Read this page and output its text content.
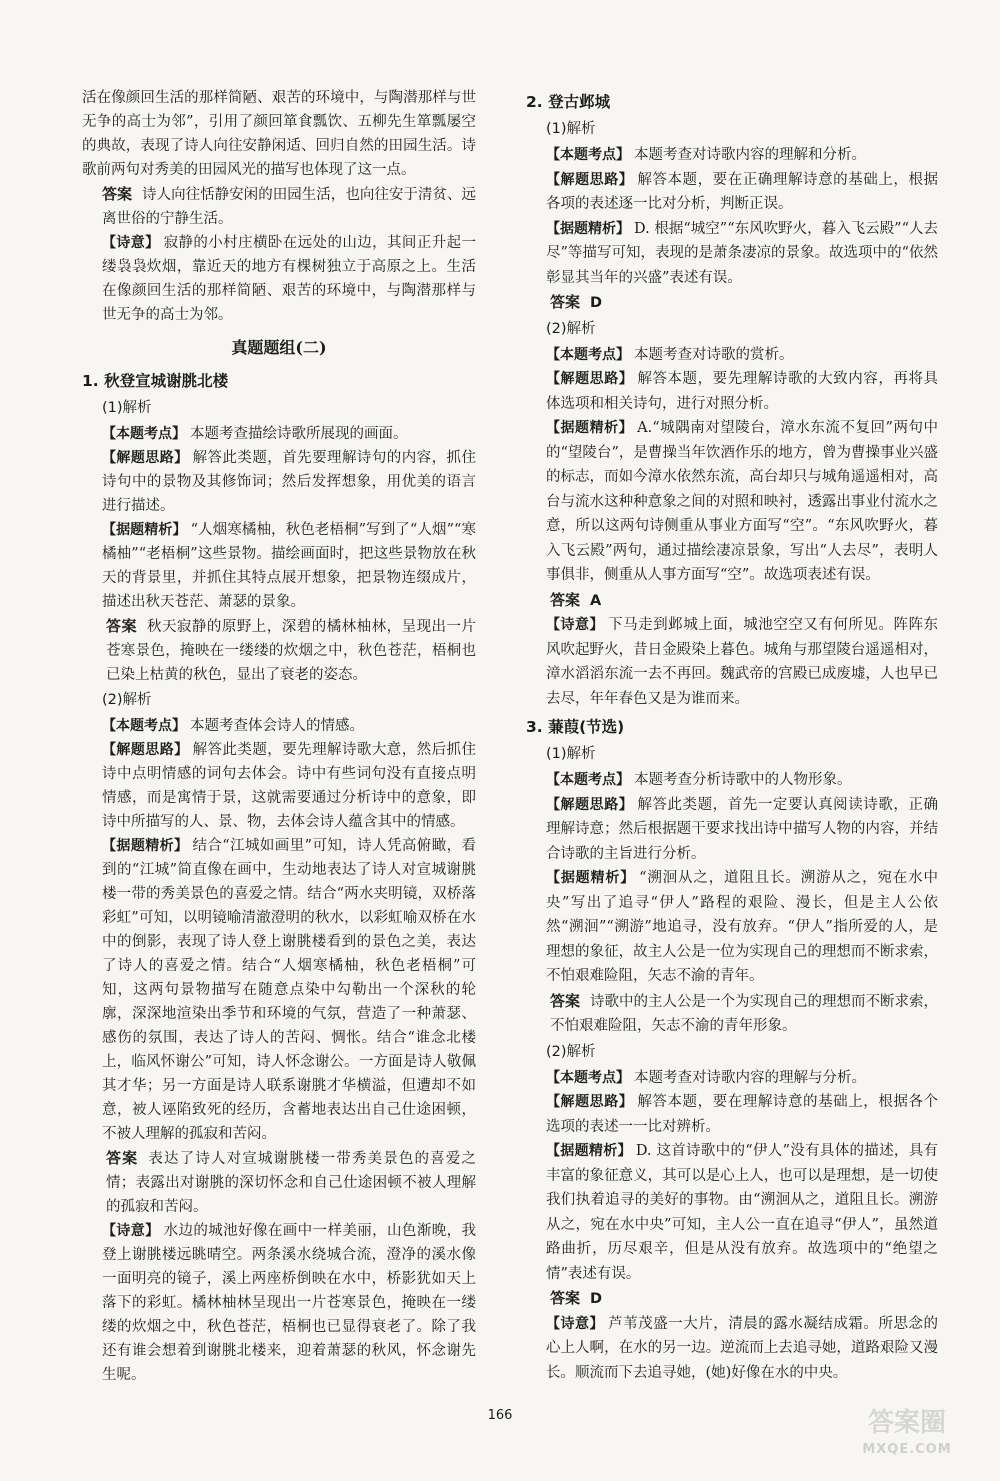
活在像颜回生活的那样简陋、艰苦的环境中，与陶潜那样与世无争的高士为邻”，引用了颜回箪食瓢饮、五柳先生箪瓢屡空的典故，表现了诗人向往安静闲适、回归自然的田园生活。诗歌前两句对秀美的田园风光的描写也体现了这一点。

答案 诗人向往恬静安闲的田园生活，也向往安于清贫、远离世俗的宁静生活。

【诗意】 寂静的小村庄横卧在远处的山边，其间正升起一缕袅袅炊烟，靠近天的地方有棵树独立于高原之上。生活在像颜回生活的那样简陋、艰苦的环境中，与陶潜那样与世无争的高士为邻。

真题题组(二)

1. 秋登宣城谢朓北楼

(1)解析

【本题考点】 本题考查描绘诗歌所展现的画面。

【解题思路】 解答此类题，首先要理解诗句的内容，抓住诗句中的景物及其修饰词；然后发挥想象，用优美的语言进行描述。

【据题精析】 “人烟寒橘柚，秋色老梧桐”写到了“人烟”“寒橘柚”“老梧桐”这些景物。描绘画面时，把这些景物放在秋天的背景里，并抓住其特点展开想象，把景物连缀成片，描述出秋天苍茫、萧瑟的景象。

答案 秋天寂静的原野上，深碧的橘林柚林，呈现出一片苍寒景色，掩映在一缕缕的炊烟之中，秋色苍茫，梧桐也已染上枯黄的秋色，显出了衰老的姿态。

(2)解析

【本题考点】 本题考查体会诗人的情感。

【解题思路】 解答此类题，要先理解诗歌大意，然后抓住诗中点明情感的词句去体会。诗中有些词句没有直接点明情感，而是寓情于景，这就需要通过分析诗中的意象，即诗中所描写的人、景、物，去体会诗人蕴含其中的情感。

【据题精析】 结合“江城如画里”可知，诗人凭高俯瞰，看到的“江城”简直像在画中，生动地表达了诗人对宣城谢朓楼一带的秀美景色的喜爱之情。结合“两水夹明镜，双桥落彩虹”可知，以明镜喻清澈澄明的秋水，以彩虹喻双桥在水中的倒影，表现了诗人登上谢朓楼看到的景色之美，表达了诗人的喜爱之情。结合“人烟寒橘柚，秋色老梧桐”可知，这两句景物描写在随意点染中勾勒出一个深秋的轮廓，深深地渲染出季节和环境的气氛，营造了一种萧瑟、感伤的氛围，表达了诗人的苦闷、惆怅。结合“谁念北楼上，临风怀谢公”可知，诗人怀念谢公。一方面是诗人敬佩其才华；另一方面是诗人联系谢朓才华横溢，但遭却不如意，被人诬陷致死的经历，含蓄地表达出自己仕途困顿，不被人理解的孤寂和苦闷。

答案 表达了诗人对宣城谢朓楼一带秀美景色的喜爱之情；表露出对谢朓的深切怀念和自己仕途困顿不被人理解的孤寂和苦闷。

【诗意】 水边的城池好像在画中一样美丽，山色渐晚，我登上谢朓楼远眺晴空。两条溪水绕城合流，澄净的溪水像一面明亮的镜子，溪上两座桥倒映在水中，桥影犹如天上落下的彩虹。橘林柚林呈现出一片苍寒景色，掩映在一缕缕的炊烟之中，秋色苍茫，梧桐也已显得衰老了。除了我还有谁会想着到谢朓北楼来，迎着萧瑟的秋风，怀念谢先生呢。

2. 登古邺城

(1)解析

【本题考点】 本题考查对诗歌内容的理解和分析。

【解题思路】 解答本题，要在正确理解诗意的基础上，根据各项的表述逐一比对分析，判断正误。

【据题精析】 D. 根据“城空”“东风吹野火，暮入飞云殿”“人去尽”等描写可知，表现的是萧条凄凉的景象。故选项中的“依然彰显其当年的兴盛”表述有误。

答案 D

(2)解析

【本题考点】 本题考查对诗歌的赏析。

【解题思路】 解答本题，要先理解诗歌的大致内容，再将具体选项和相关诗句，进行对照分析。

【据题精析】 A.“城隅南对望陵台，漳水东流不复回”两句中的“望陵台”，是曹操当年饮酒作乐的地方，曾为曹操事业兴盛的标志，而如今漳水依然东流，高台却只与城角遥遥相对，高台与流水这种种意象之间的对照和映衬，透露出事业付流水之意，所以这两句诗侧重从事业方面写“空”。“东风吹野火，暮入飞云殿”两句，通过描绘凄凉景象，写出“人去尽”，表明人事俱非，侧重从人事方面写“空”。故选项表述有误。

答案 A

【诗意】 下马走到邺城上面，城池空空又有何所见。阵阵东风吹起野火，昔日金殿染上暮色。城角与那望陵台遥遥相对，漳水滔滔东流一去不再回。魏武帝的宫殿已成废墟，人也早已去尽，年年春色又是为谁而来。

3. 蒹葭(节选)

(1)解析

【本题考点】 本题考查分析诗歌中的人物形象。

【解题思路】 解答此类题，首先一定要认真阅读诗歌，正确理解诗意；然后根据题干要求找出诗中描写人物的内容，并结合诗歌的主旨进行分析。

【据题精析】 “溯洄从之，道阻且长。溯游从之，宛在水中央”写出了追寻“伊人”路程的艰险、漫长，但是主人公依然“溯洄”“溯游”地追寻，没有放弃。“伊人”指所爱的人，是理想的象征，故主人公是一位为实现自己的理想而不断求索，不怕艰难险阻，矢志不渝的青年。

答案 诗歌中的主人公是一个为实现自己的理想而不断求索，不怕艰难险阻，矢志不渝的青年形象。

(2)解析

【本题考点】 本题考查对诗歌内容的理解与分析。

【解题思路】 解答本题，要在理解诗意的基础上，根据各个选项的表述一一比对辨析。

【据题精析】 D. 这首诗歌中的“伊人”没有具体的描述，具有丰富的象征意义，其可以是心上人，也可以是理想，是一切使我们执着追寻的美好的事物。由“溯洄从之，道阻且长。溯游从之，宛在水中央”可知，主人公一直在追寻“伊人”，虽然道路曲折，历尽艰辛，但是从没有放弃。故选项中的“绝望之情”表述有误。

答案 D

【诗意】 芦苇茂盛一大片，清晨的露水凝结成霜。所思念的心上人啊，在水的另一边。逆流而上去追寻她，道路艰险又漫长。顺流而下去追寻她，(她)好像在水的中央。

166	答案圈
MXQE.COM
